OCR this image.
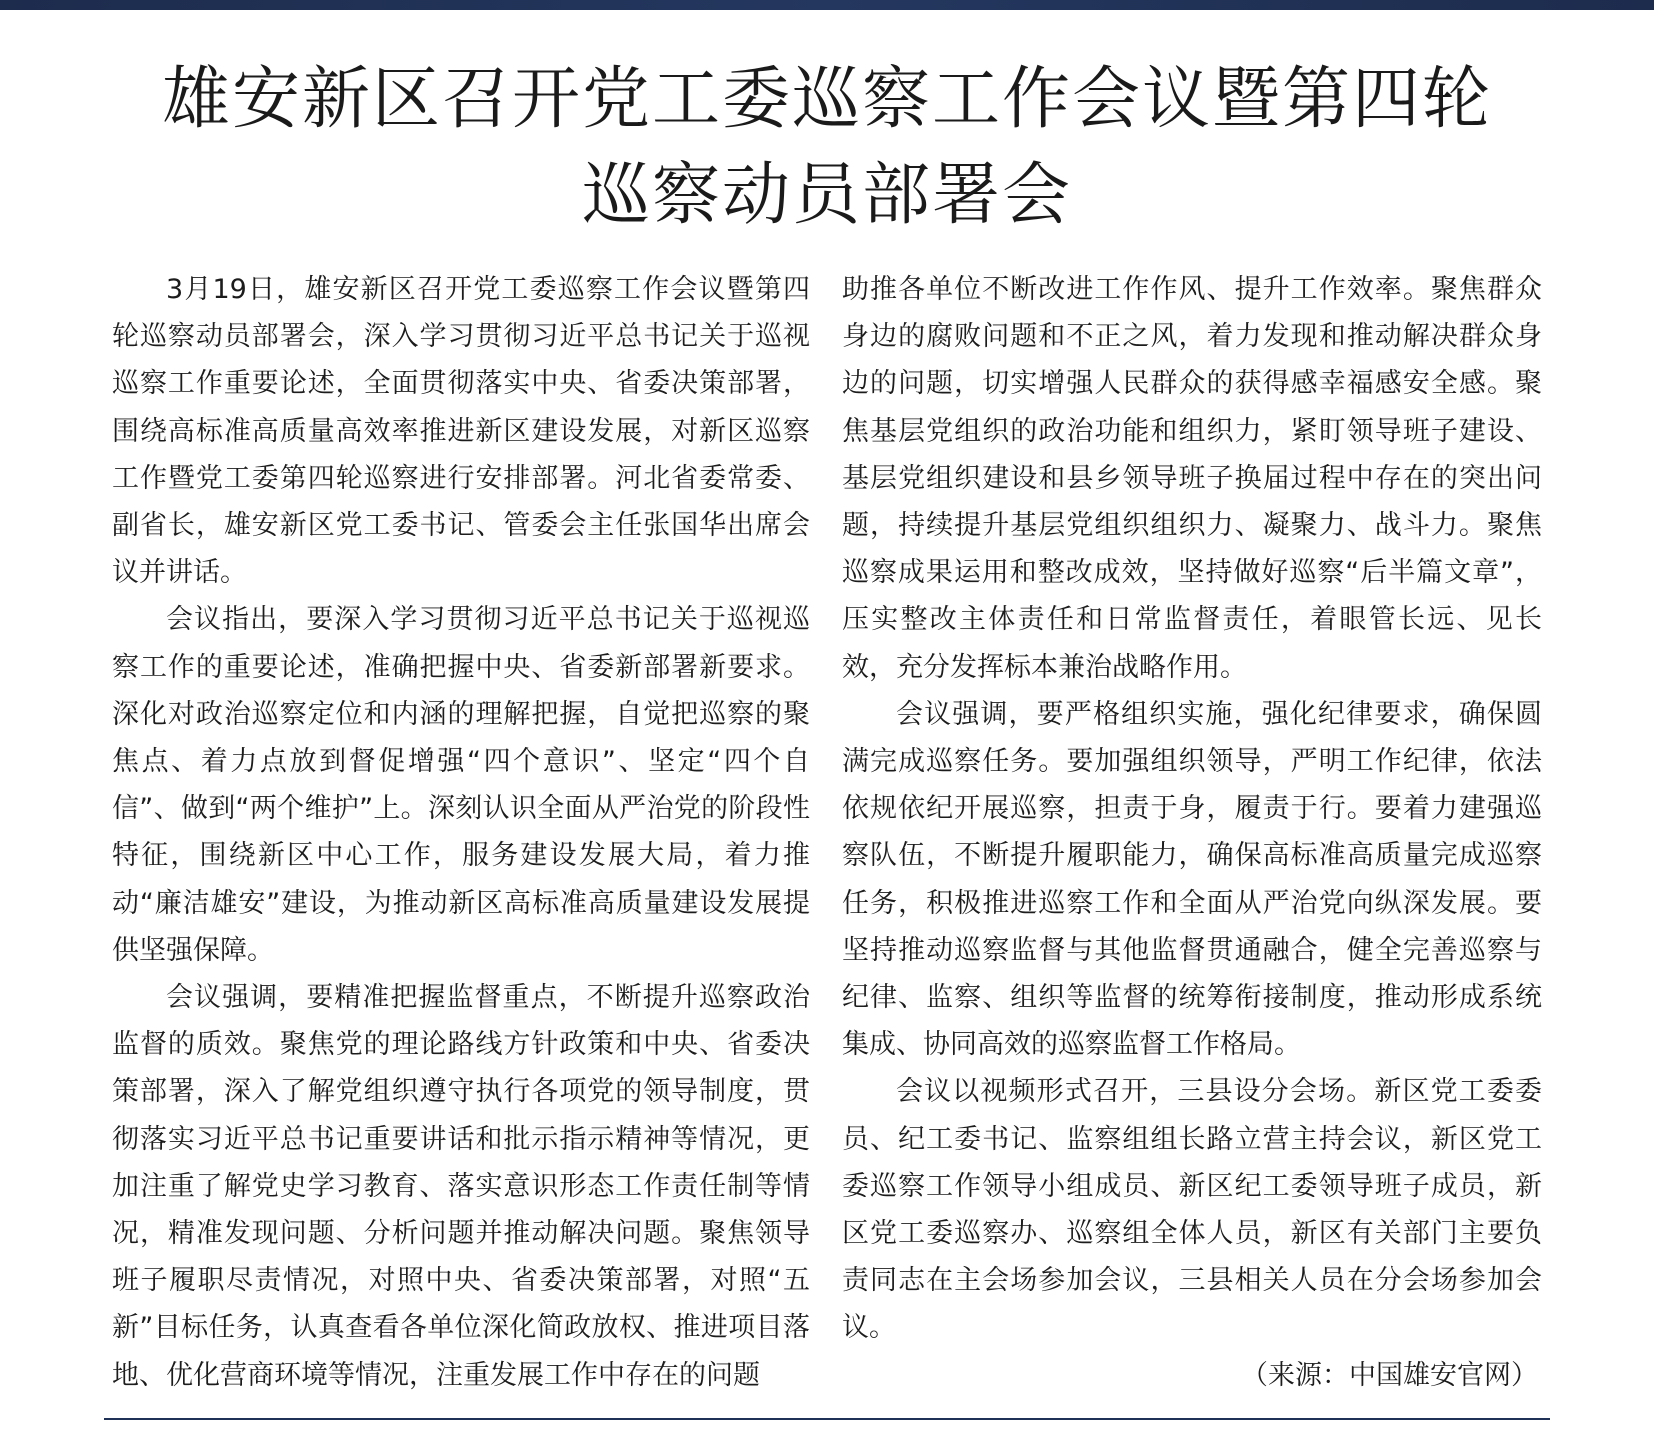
雄安新区召开党工委巡察工作会议暨第四轮
巡察动员部署会

3月19日，雄安新区召开党工委巡察工作会议暨第四轮巡察动员部署会，深入学习贯彻习近平总书记关于巡视巡察工作重要论述，全面贯彻落实中央、省委决策部署，围绕高标准高质量高效率推进新区建设发展，对新区巡察工作暨党工委第四轮巡察进行安排部署。河北省委常委、副省长，雄安新区党工委书记、管委会主任张国华出席会议并讲话。

会议指出，要深入学习贯彻习近平总书记关于巡视巡察工作的重要论述，准确把握中央、省委新部署新要求。深化对政治巡察定位和内涵的理解把握，自觉把巡察的聚焦点、着力点放到督促增强“四个意识”、坚定“四个自信”、做到“两个维护”上。深刻认识全面从严治党的阶段性特征，围绕新区中心工作，服务建设发展大局，着力推动“廉洁雄安”建设，为推动新区高标准高质量建设发展提供坚强保障。

会议强调，要精准把握监督重点，不断提升巡察政治监督的质效。聚焦党的理论路线方针政策和中央、省委决策部署，深入了解党组织遵守执行各项党的领导制度，贯彻落实习近平总书记重要讲话和批示指示精神等情况，更加注重了解党史学习教育、落实意识形态工作责任制等情况，精准发现问题、分析问题并推动解决问题。聚焦领导班子履职尽责情况，对照中央、省委决策部署，对照“五新”目标任务，认真查看各单位深化简政放权、推进项目落地、优化营商环境等情况，注重发展工作中存在的问题

助推各单位不断改进工作作风、提升工作效率。聚焦群众身边的腐败问题和不正之风，着力发现和推动解决群众身边的问题，切实增强人民群众的获得感幸福感安全感。聚焦基层党组织的政治功能和组织力，紧盯领导班子建设、基层党组织建设和县乡领导班子换届过程中存在的突出问题，持续提升基层党组织组织力、凝聚力、战斗力。聚焦巡察成果运用和整改成效，坚持做好巡察“后半篇文章”，压实整改主体责任和日常监督责任，着眼管长远、见长效，充分发挥标本兼治战略作用。

会议强调，要严格组织实施，强化纪律要求，确保圆满完成巡察任务。要加强组织领导，严明工作纪律，依法依规依纪开展巡察，担责于身，履责于行。要着力建强巡察队伍，不断提升履职能力，确保高标准高质量完成巡察任务，积极推进巡察工作和全面从严治党向纵深发展。要坚持推动巡察监督与其他监督贯通融合，健全完善巡察与纪律、监察、组织等监督的统筹衔接制度，推动形成系统集成、协同高效的巡察监督工作格局。

会议以视频形式召开，三县设分会场。新区党工委委员、纪工委书记、监察组组长路立营主持会议，新区党工委巡察工作领导小组成员、新区纪工委领导班子成员，新区党工委巡察办、巡察组全体人员，新区有关部门主要负责同志在主会场参加会议，三县相关人员在分会场参加会议。

（来源：中国雄安官网）
